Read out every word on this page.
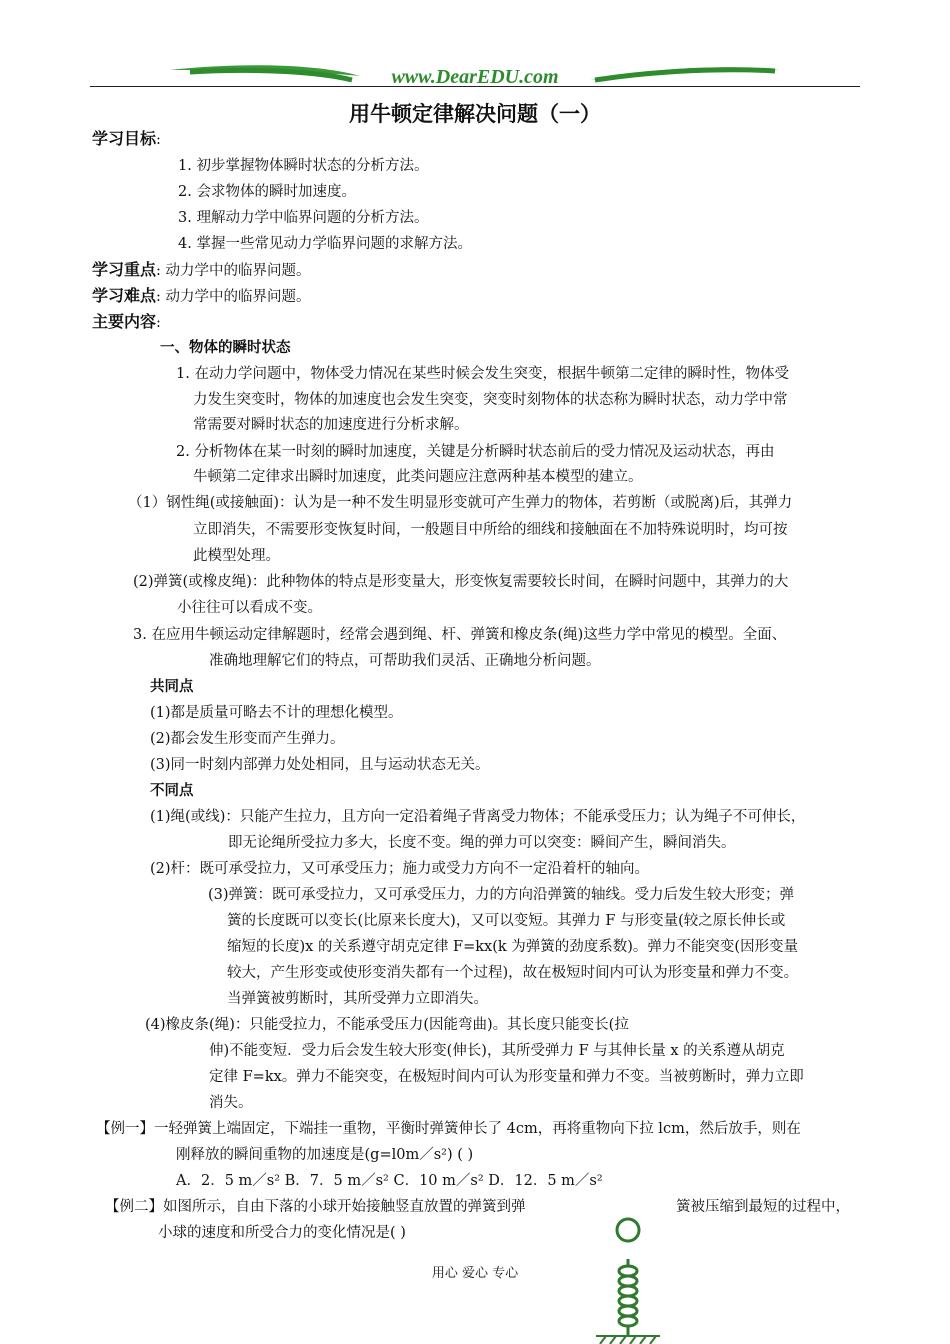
www.DearEDU.com
用牛顿定律解决问题（一）
学习目标:
1. 初步掌握物体瞬时状态的分析方法。
2. 会求物体的瞬时加速度。
3. 理解动力学中临界问题的分析方法。
4. 掌握一些常见动力学临界问题的求解方法。
学习重点: 动力学中的临界问题。
学习难点: 动力学中的临界问题。
主要内容:
一、物体的瞬时状态
1. 在动力学问题中，物体受力情况在某些时候会发生突变，根据牛顿第二定律的瞬时性，物体受
力发生突变时，物体的加速度也会发生突变，突变时刻物体的状态称为瞬时状态，动力学中常
常需要对瞬时状态的加速度进行分析求解。
2. 分析物体在某一时刻的瞬时加速度，关键是分析瞬时状态前后的受力情况及运动状态，再由
牛顿第二定律求出瞬时加速度，此类问题应注意两种基本模型的建立。
（1）钢性绳(或接触面)：认为是一种不发生明显形变就可产生弹力的物体，若剪断（或脱离)后，其弹力
立即消失，不需要形变恢复时间，一般题目中所给的细线和接触面在不加特殊说明时，均可按
此模型处理。
(2)弹簧(或橡皮绳)：此种物体的特点是形变量大，形变恢复需要较长时间，在瞬时问题中，其弹力的大
小往往可以看成不变。
3. 在应用牛顿运动定律解题时，经常会遇到绳、杆、弹簧和橡皮条(绳)这些力学中常见的模型。全面、
准确地理解它们的特点，可帮助我们灵活、正确地分析问题。
共同点
(1)都是质量可略去不计的理想化模型。
(2)都会发生形变而产生弹力。
(3)同一时刻内部弹力处处相同，且与运动状态无关。
不同点
(1)绳(或线)：只能产生拉力，且方向一定沿着绳子背离受力物体；不能承受压力；认为绳子不可伸长，
即无论绳所受拉力多大，长度不变。绳的弹力可以突变：瞬间产生，瞬间消失。
(2)杆：既可承受拉力，又可承受压力；施力或受力方向不一定沿着杆的轴向。
(3)弹簧：既可承受拉力，又可承受压力，力的方向沿弹簧的轴线。受力后发生较大形变；弹
簧的长度既可以变长(比原来长度大)，又可以变短。其弹力 F 与形变量(较之原长伸长或
缩短的长度)x 的关系遵守胡克定律 F=kx(k 为弹簧的劲度系数)。弹力不能突变(因形变量
较大，产生形变或使形变消失都有一个过程)，故在极短时间内可认为形变量和弹力不变。
当弹簧被剪断时，其所受弹力立即消失。
(4)橡皮条(绳)：只能受拉力，不能承受压力(因能弯曲)。其长度只能变长(拉
伸)不能变短．受力后会发生较大形变(伸长)，其所受弹力 F 与其伸长量 x 的关系遵从胡克
定律 F=kx。弹力不能突变，在极短时间内可认为形变量和弹力不变。当被剪断时，弹力立即
消失。
【例一】一轻弹簧上端固定，下端挂一重物，平衡时弹簧伸长了 4cm，再将重物向下拉 lcm，然后放手，则在
刚释放的瞬间重物的加速度是(g=l0m／s²) ( )
A．2．5 m／s² B．7．5 m／s² C．10 m／s² D．12．5 m／s²
【例二】如图所示，自由下落的小球开始接触竖直放置的弹簧到弹	簧被压缩到最短的过程中，
小球的速度和所受合力的变化情况是( )
用心 爱心 专心
